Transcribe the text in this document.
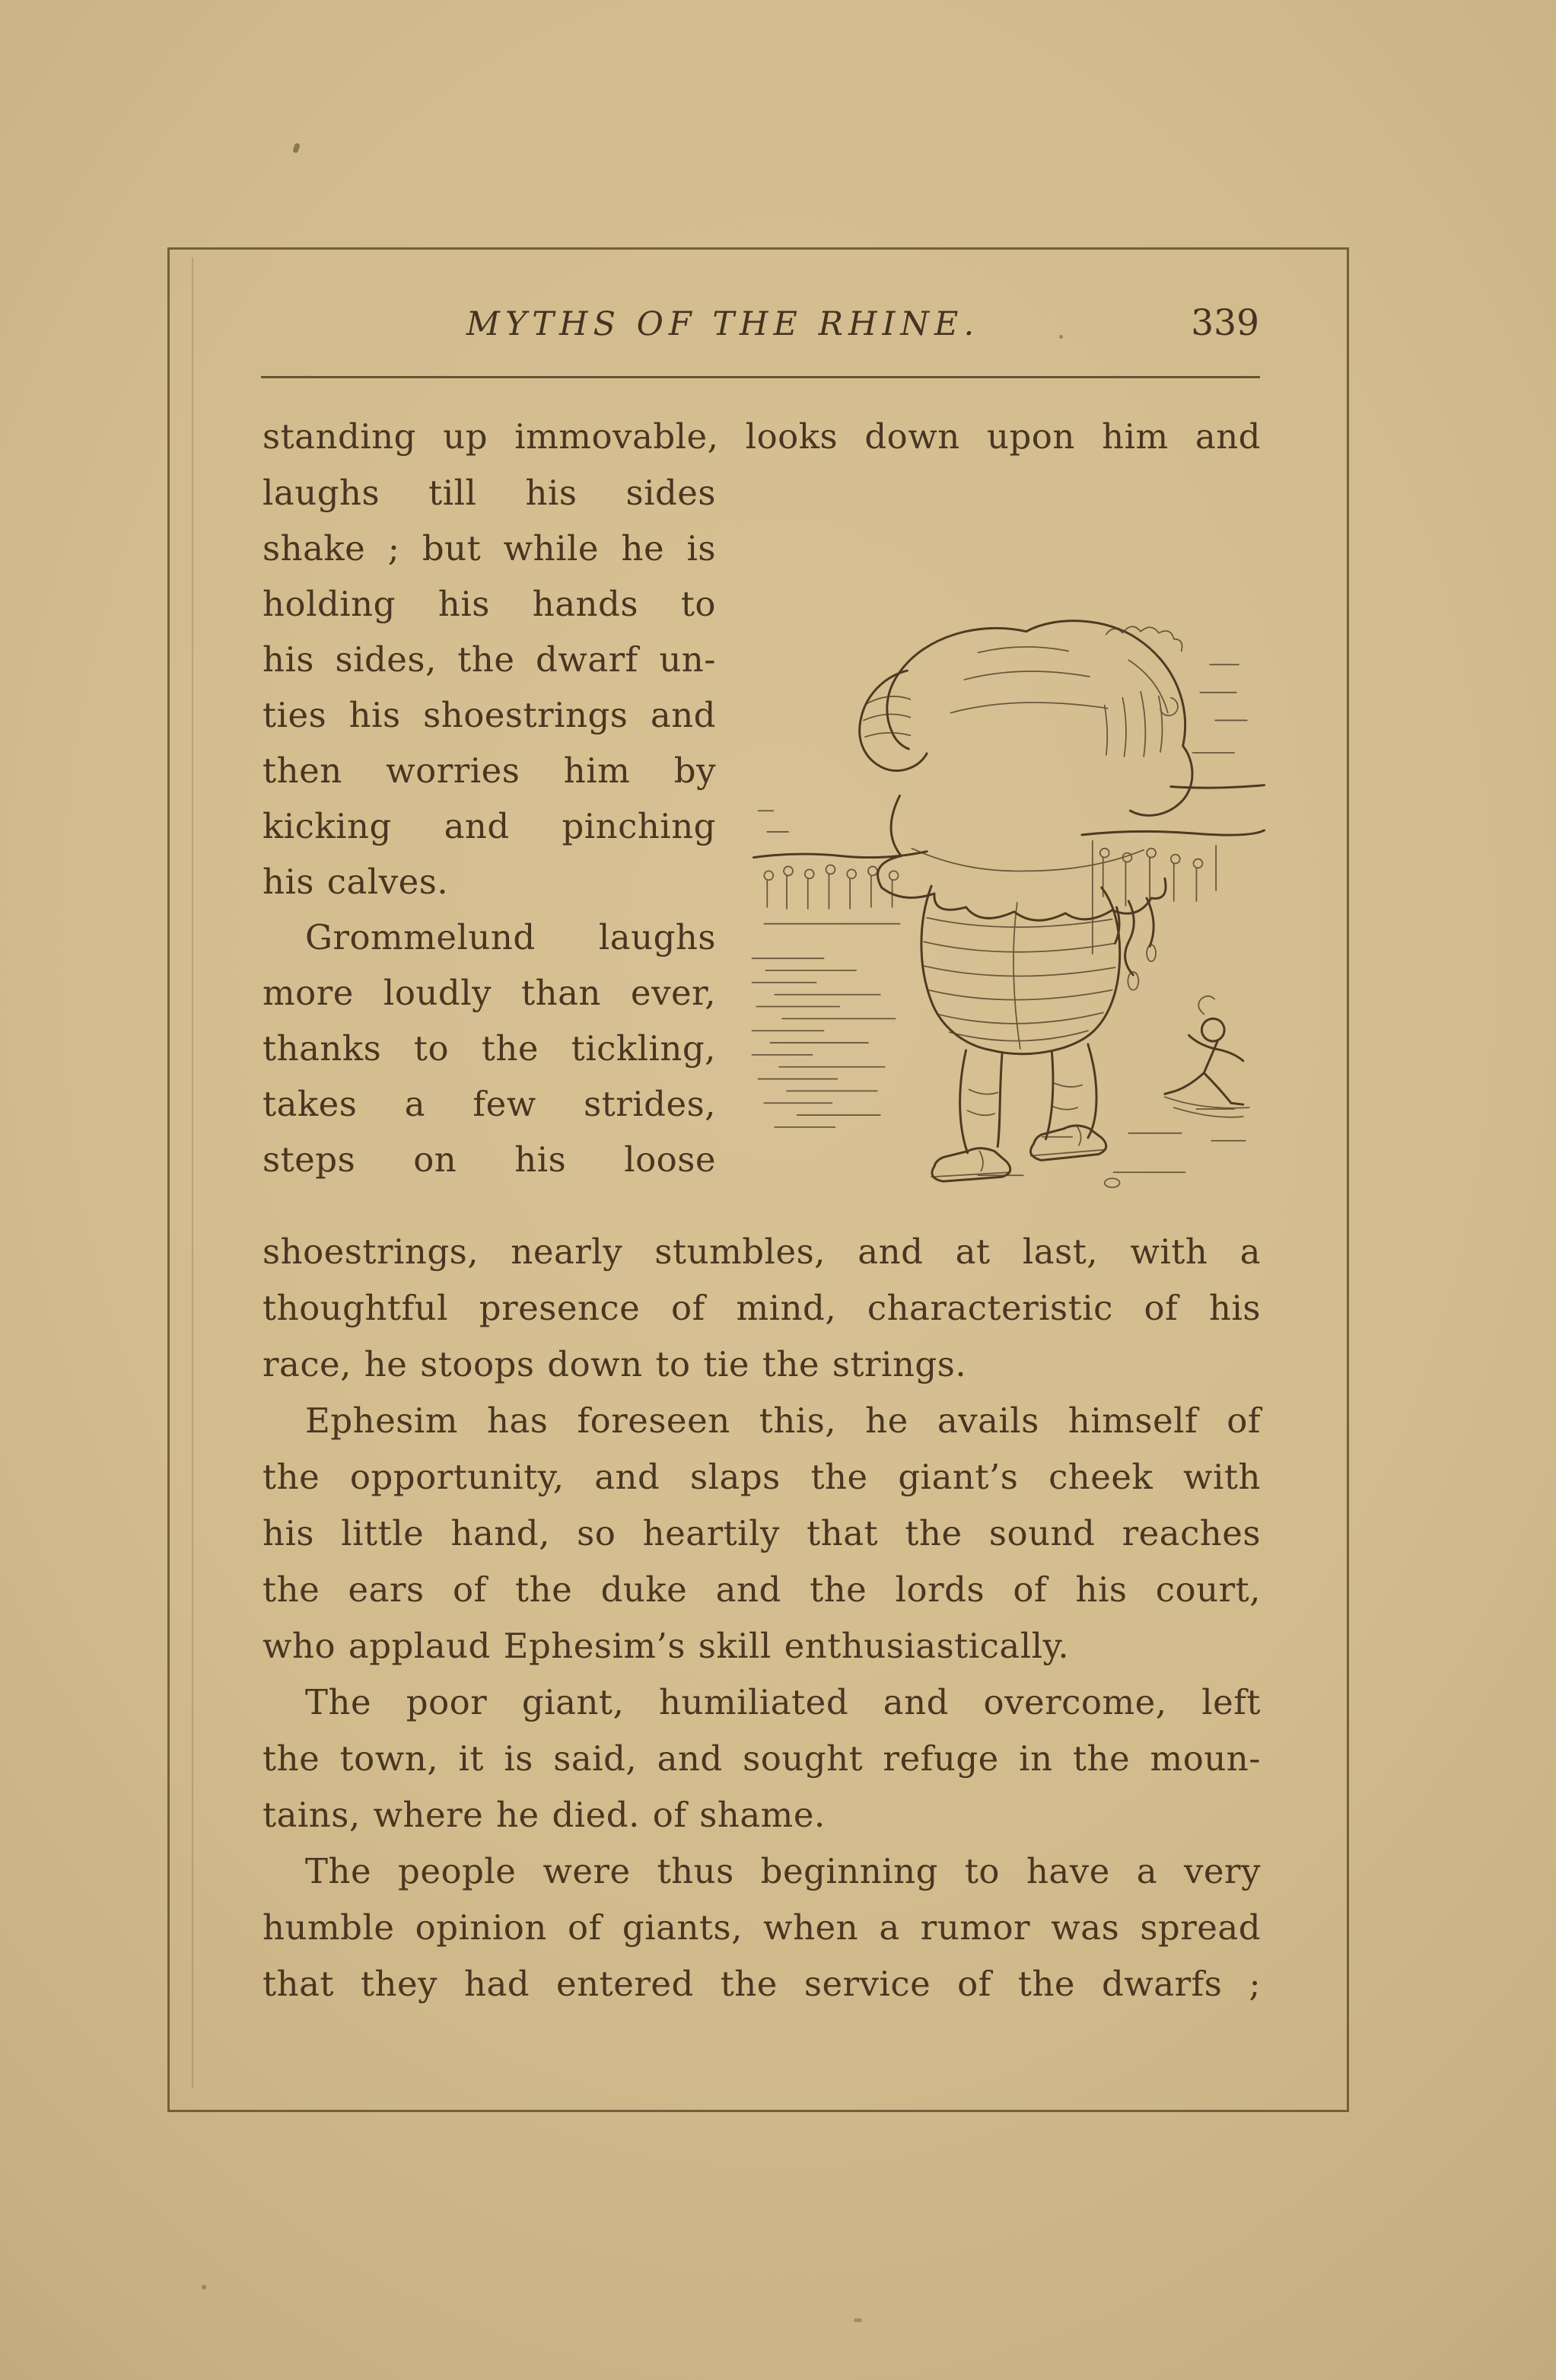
MYTHS OF THE RHINE.	339
standing up immovable, looks down upon him and
laughs till his sides
shake ; but while he is
holding his hands to
his sides, the dwarf un-
ties his shoestrings and
then worries him by
kicking and pinching
his calves.
Grommelund laughs
more loudly than ever,
thanks to the tickling,
takes a few strides,
steps on his loose
shoestrings, nearly stumbles, and at last, with a
thoughtful presence of mind, characteristic of his
race, he stoops down to tie the strings.
Ephesim has foreseen this, he avails himself of
the opportunity, and slaps the giant’s cheek with
his little hand, so heartily that the sound reaches
the ears of the duke and the lords of his court,
who applaud Ephesim’s skill enthusiastically.
The poor giant, humiliated and overcome, left
the town, it is said, and sought refuge in the moun-
tains, where he died. of shame.
The people were thus beginning to have a very
humble opinion of giants, when a rumor was spread
that they had entered the service of the dwarfs ;
